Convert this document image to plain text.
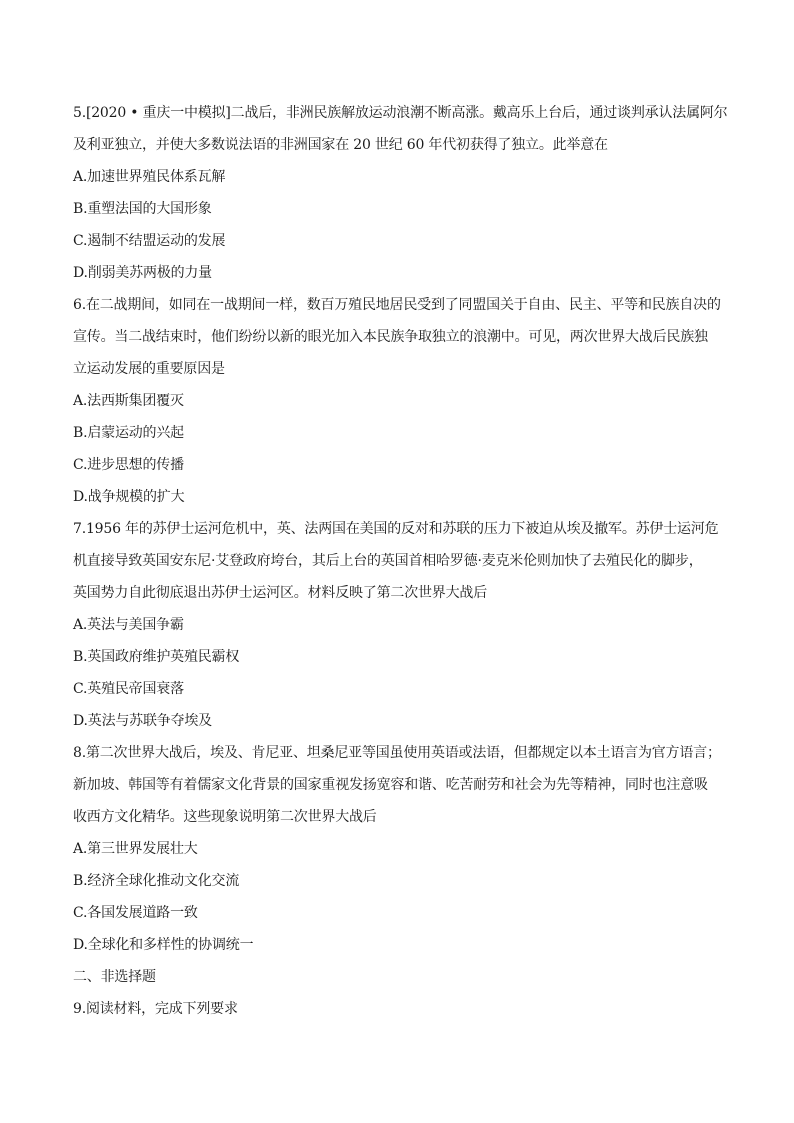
5.[2020 • 重庆一中模拟]二战后，非洲民族解放运动浪潮不断高涨。戴高乐上台后，通过谈判承认法属阿尔
及利亚独立，并使大多数说法语的非洲国家在 20 世纪 60 年代初获得了独立。此举意在
A.加速世界殖民体系瓦解
B.重塑法国的大国形象
C.遏制不结盟运动的发展
D.削弱美苏两极的力量
6.在二战期间，如同在一战期间一样，数百万殖民地居民受到了同盟国关于自由、民主、平等和民族自决的
宣传。当二战结束时，他们纷纷以新的眼光加入本民族争取独立的浪潮中。可见，两次世界大战后民族独
立运动发展的重要原因是
A.法西斯集团覆灭
B.启蒙运动的兴起
C.进步思想的传播
D.战争规模的扩大
7.1956 年的苏伊士运河危机中，英、法两国在美国的反对和苏联的压力下被迫从埃及撤军。苏伊士运河危
机直接导致英国安东尼·艾登政府垮台，其后上台的英国首相哈罗德·麦克米伦则加快了去殖民化的脚步，
英国势力自此彻底退出苏伊士运河区。材料反映了第二次世界大战后
A.英法与美国争霸
B.英国政府维护英殖民霸权
C.英殖民帝国衰落
D.英法与苏联争夺埃及
8.第二次世界大战后，埃及、肯尼亚、坦桑尼亚等国虽使用英语或法语，但都规定以本土语言为官方语言；
新加坡、韩国等有着儒家文化背景的国家重视发扬宽容和谐、吃苦耐劳和社会为先等精神，同时也注意吸
收西方文化精华。这些现象说明第二次世界大战后
A.第三世界发展壮大
B.经济全球化推动文化交流
C.各国发展道路一致
D.全球化和多样性的协调统一
二、非选择题
9.阅读材料，完成下列要求
